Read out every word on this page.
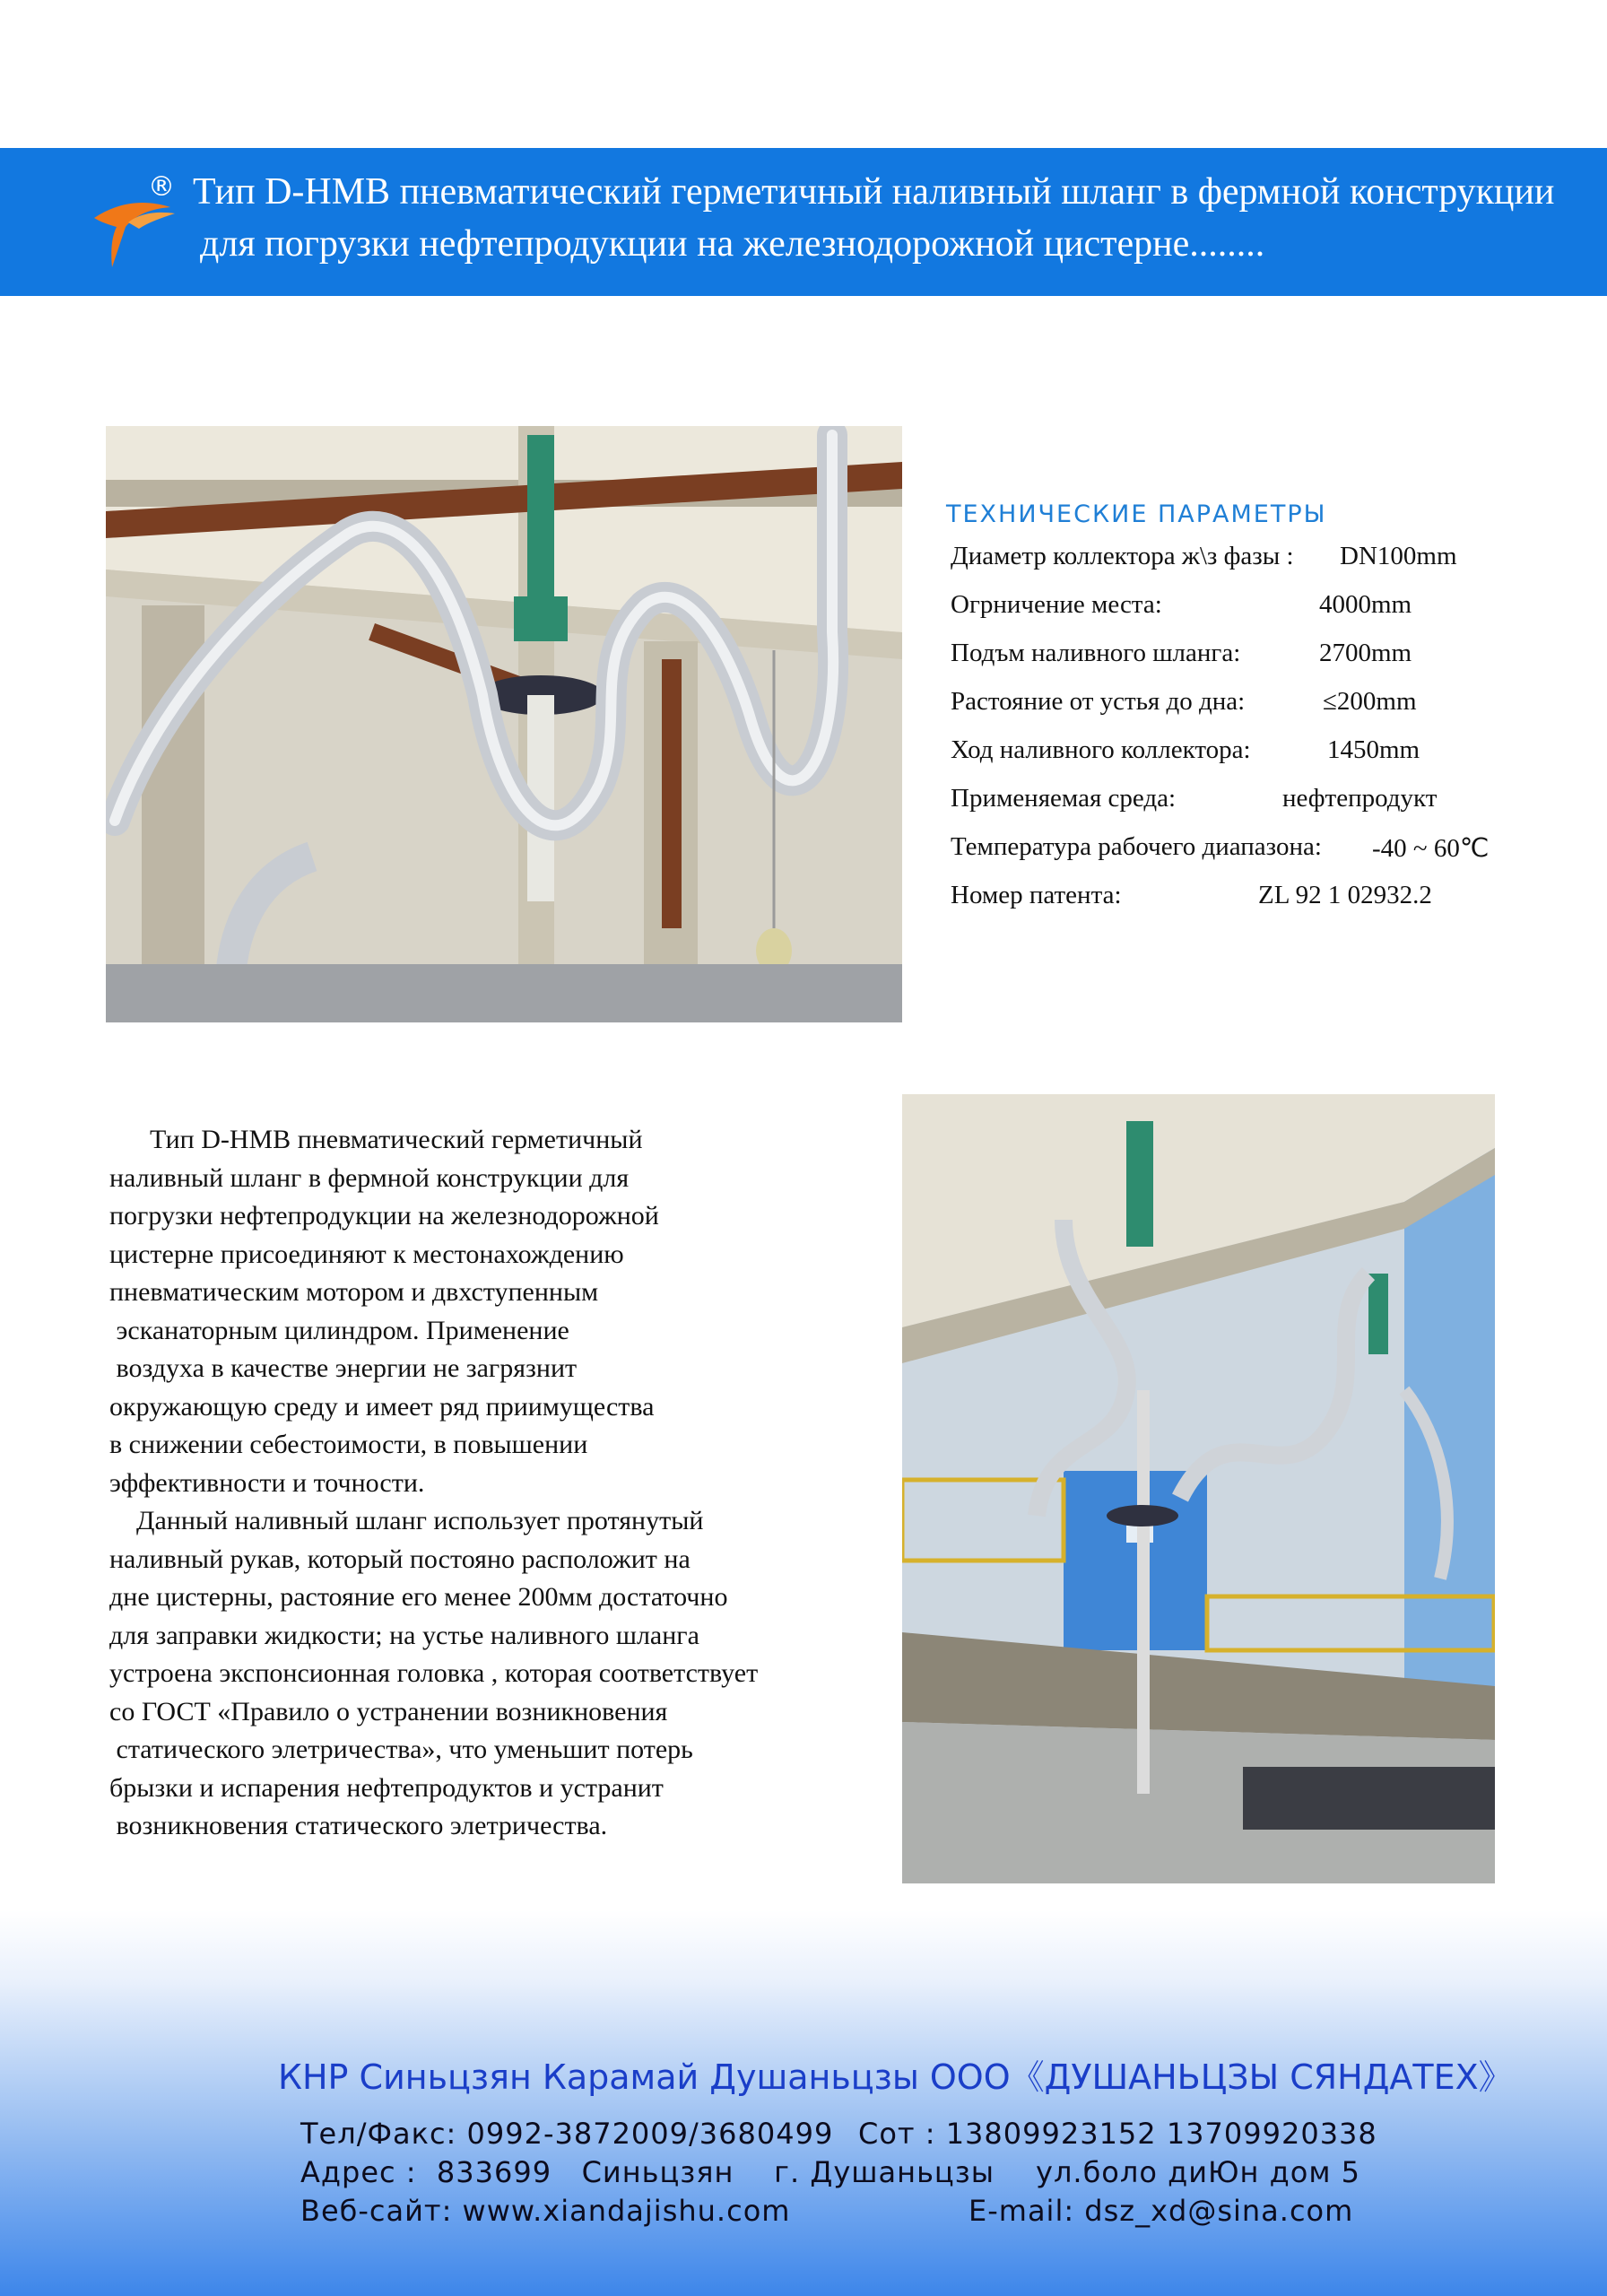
® Тип D-HMB пневматический герметичный наливный шланг в фермной конструкции
для погрузки нефтепродукции на железнодорожной цистерне........
ТЕХНИЧЕСКИЕ ПАРАМЕТРЫ
Диаметр коллектора ж\з фазы : DN100mm
Огрничение места:	4000mm
Подъм наливного шланга:	2700mm
Растояние от устья до дна:	≤200mm
Ход наливного коллектора:	1450mm
Применяемая среда:	нефтепродукт
Температура рабочего диапазона: -40 ~ 60℃
Номер патента:	ZL 92 1 02932.2
Тип D-HMB пневматический герметичный
наливный шланг в фермной конструкции для
погрузки нефтепродукции на железнодорожной
цистерне присоединяют к местонахождению
пневматическим мотором и двхступенным
эсканаторным цилиндром. Применение
воздуха в качестве энергии не загрязнит
окружающую среду и имеет ряд приимущества
в снижении себестоимости, в повышении
эффективности и точности.
Данный наливный шланг использует протянутый
наливный рукав, который постояно расположит на
дне цистерны, растояние его менее 200мм достаточно
для заправки жидкости; на устье наливного шланга
устроена экспонсионная головка , которая соответствует
со ГОСТ «Правило о устранении возникновения
статического элетричества», что уменьшит потерь
брызки и испарения нефтепродуктов и устранит
возникновения статического элетричества.
КНР Синьцзян Карамай Душаньцзы ООО《ДУШАНЬЦЗЫ СЯНДАТЕХ》
Тел/Факс: 0992-3872009/3680499 Сот : 13809923152 13709920338
Адрес :  833699   Синьцзян    г. Душаньцзы ул.боло диЮн дом 5
Веб-сайт: www.xiandajishu.com	E-mail: dsz_xd@sina.com
